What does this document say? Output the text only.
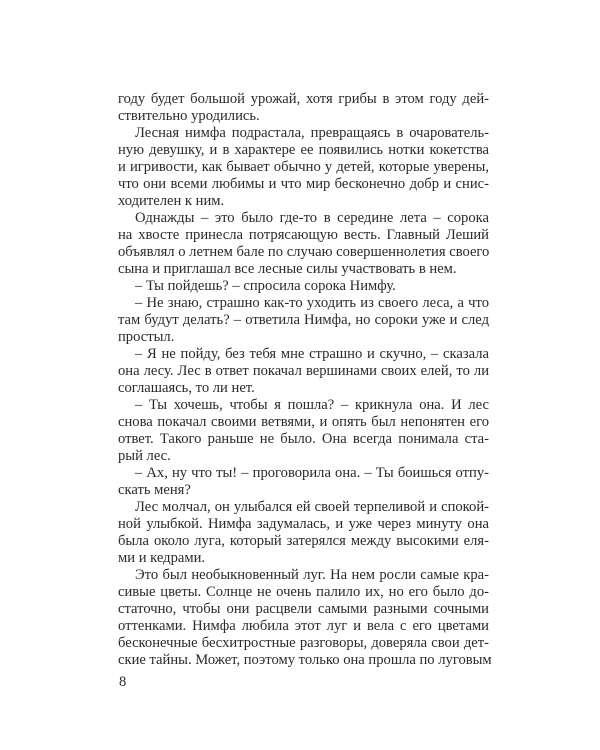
году будет большой урожай, хотя грибы в этом году дей-
ствительно уродились.
Лесная нимфа подрастала, превращаясь в очарователь-
ную девушку, и в характере ее появились нотки кокетства
и игривости, как бывает обычно у детей, которые уверены,
что они всеми любимы и что мир бесконечно добр и снис-
ходителен к ним.
Однажды – это было где-то в середине лета – сорока
на хвосте принесла потрясающую весть. Главный Леший
объявлял о летнем бале по случаю совершеннолетия своего
сына и приглашал все лесные силы участвовать в нем.
– Ты пойдешь? – спросила сорока Нимфу.
– Не знаю, страшно как-то уходить из своего леса, а что
там будут делать? – ответила Нимфа, но сороки уже и след
простыл.
– Я не пойду, без тебя мне страшно и скучно, – сказала
она лесу. Лес в ответ покачал вершинами своих елей, то ли
соглашаясь, то ли нет.
– Ты хочешь, чтобы я пошла? – крикнула она. И лес
снова покачал своими ветвями, и опять был непонятен его
ответ. Такого раньше не было. Она всегда понимала ста-
рый лес.
– Ах, ну что ты! – проговорила она. – Ты боишься отпу-
скать меня?
Лес молчал, он улыбался ей своей терпеливой и спокой-
ной улыбкой. Нимфа задумалась, и уже через минуту она
была около луга, который затерялся между высокими еля-
ми и кедрами.
Это был необыкновенный луг. На нем росли самые кра-
сивые цветы. Солнце не очень палило их, но его было до-
статочно, чтобы они расцвели самыми разными сочными
оттенками. Нимфа любила этот луг и вела с его цветами
бесконечные бесхитростные разговоры, доверяла свои дет-
ские тайны. Может, поэтому только она прошла по луговым
8
